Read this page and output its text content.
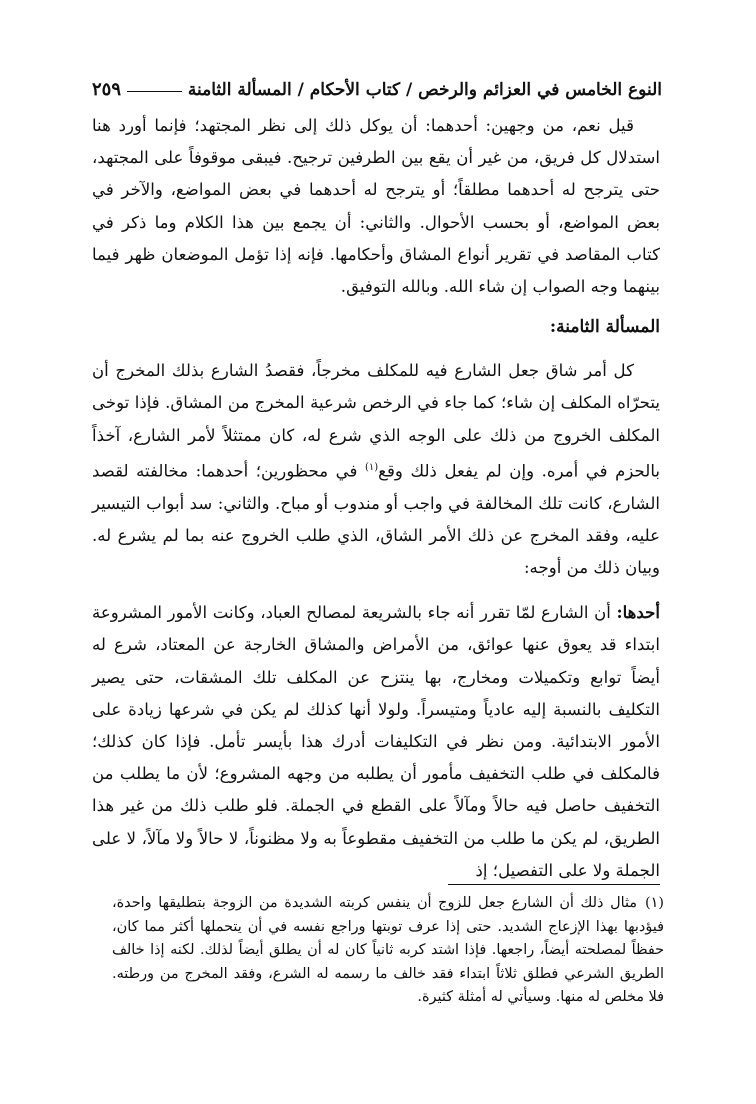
النوع الخامس في العزائم والرخص / كتاب الأحكام / المسألة الثامنة
٢٥٩

قيل نعم، من وجهين: أحدهما: أن يوكل ذلك إلى نظر المجتهد؛ فإنما أورد هنا استدلال كل فريق، من غير أن يقع بين الطرفين ترجيح. فيبقى موقوفاً على المجتهد، حتى يترجح له أحدهما مطلقاً؛ أو يترجح له أحدهما في بعض المواضع، والآخر في بعض المواضع، أو بحسب الأحوال. والثاني: أن يجمع بين هذا الكلام وما ذكر في كتاب المقاصد في تقرير أنواع المشاق وأحكامها. فإنه إذا تؤمل الموضعان ظهر فيما بينهما وجه الصواب إن شاء الله. وبالله التوفيق.

المسألة الثامنة:

كل أمر شاق جعل الشارع فيه للمكلف مخرجاً، فقصدُ الشارع بذلك المخرج أن يتحرّاه المكلف إن شاء؛ كما جاء في الرخص شرعية المخرج من المشاق. فإذا توخى المكلف الخروج من ذلك على الوجه الذي شرع له، كان ممتثلاً لأمر الشارع، آخذاً بالحزم في أمره. وإن لم يفعل ذلك وقع$^{(١)}$ في محظورين؛ أحدهما: مخالفته لقصد الشارع، كانت تلك المخالفة في واجب أو مندوب أو مباح. والثاني: سد أبواب التيسير عليه، وفقد المخرج عن ذلك الأمر الشاق، الذي طلب الخروج عنه بما لم يشرع له. وبيان ذلك من أوجه:

أحدها: أن الشارع لمّا تقرر أنه جاء بالشريعة لمصالح العباد، وكانت الأمور المشروعة ابتداء قد يعوق عنها عوائق، من الأمراض والمشاق الخارجة عن المعتاد، شرع له أيضاً توابع وتكميلات ومخارج، بها ينتزح عن المكلف تلك المشقات، حتى يصير التكليف بالنسبة إليه عادياً ومتيسراً. ولولا أنها كذلك لم يكن في شرعها زيادة على الأمور الابتدائية. ومن نظر في التكليفات أدرك هذا بأيسر تأمل. فإذا كان كذلك؛ فالمكلف في طلب التخفيف مأمور أن يطلبه من وجهه المشروع؛ لأن ما يطلب من التخفيف حاصل فيه حالاً ومآلاً على القطع في الجملة. فلو طلب ذلك من غير هذا الطريق، لم يكن ما طلب من التخفيف مقطوعاً به ولا مظنوناً، لا حالاً ولا مآلاً، لا على الجملة ولا على التفصيل؛ إذ

(١)مثال ذلك أن الشارع جعل للزوج أن ينفس كربته الشديدة من الزوجة بتطليقها واحدة، فيؤدبها بهذا الإزعاج الشديد. حتى إذا عرف توبتها وراجع نفسه في أن يتحملها أكثر مما كان، حفظاً لمصلحته أيضاً، راجعها. فإذا اشتد كربه ثانياً كان له أن يطلق أيضاً لذلك. لكنه إذا خالف الطريق الشرعي فطلق ثلاثاً ابتداء فقد خالف ما رسمه له الشرع، وفقد المخرج من ورطته. فلا مخلص له منها. وسيأتي له أمثلة كثيرة.
